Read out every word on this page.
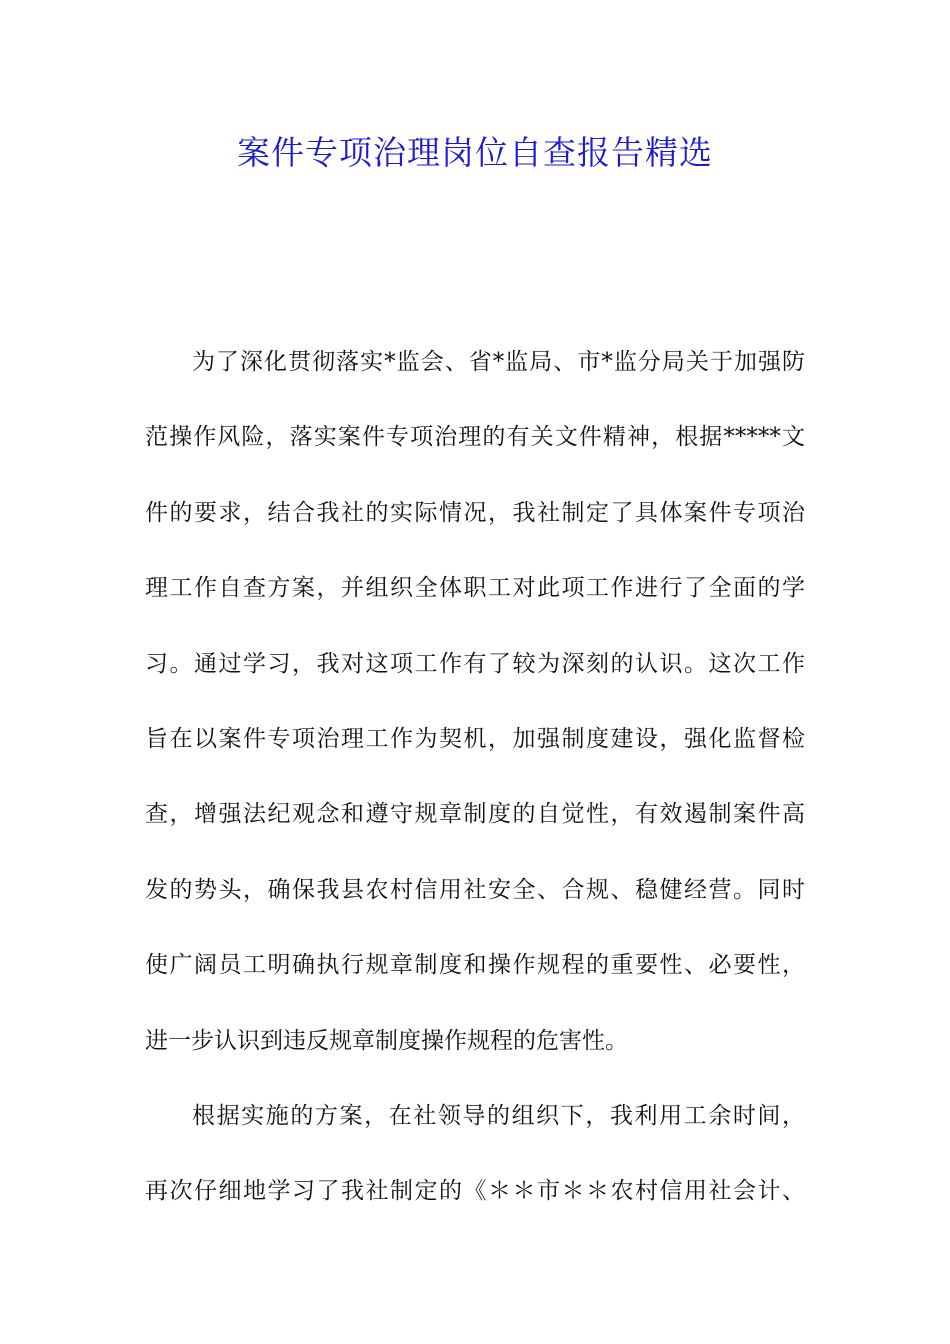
案件专项治理岗位自查报告精选
为了深化贯彻落实*监会、省*监局、市*监分局关于加强防
范操作风险，落实案件专项治理的有关文件精神，根据*****文
件的要求，结合我社的实际情况，我社制定了具体案件专项治
理工作自查方案，并组织全体职工对此项工作进行了全面的学
习。通过学习，我对这项工作有了较为深刻的认识。这次工作
旨在以案件专项治理工作为契机，加强制度建设，强化监督检
查，增强法纪观念和遵守规章制度的自觉性，有效遏制案件高
发的势头，确保我县农村信用社安全、合规、稳健经营。同时
使广阔员工明确执行规章制度和操作规程的重要性、必要性，
进一步认识到违反规章制度操作规程的危害性。
根据实施的方案，在社领导的组织下，我利用工余时间，
再次仔细地学习了我社制定的《＊＊市＊＊农村信用社会计、
